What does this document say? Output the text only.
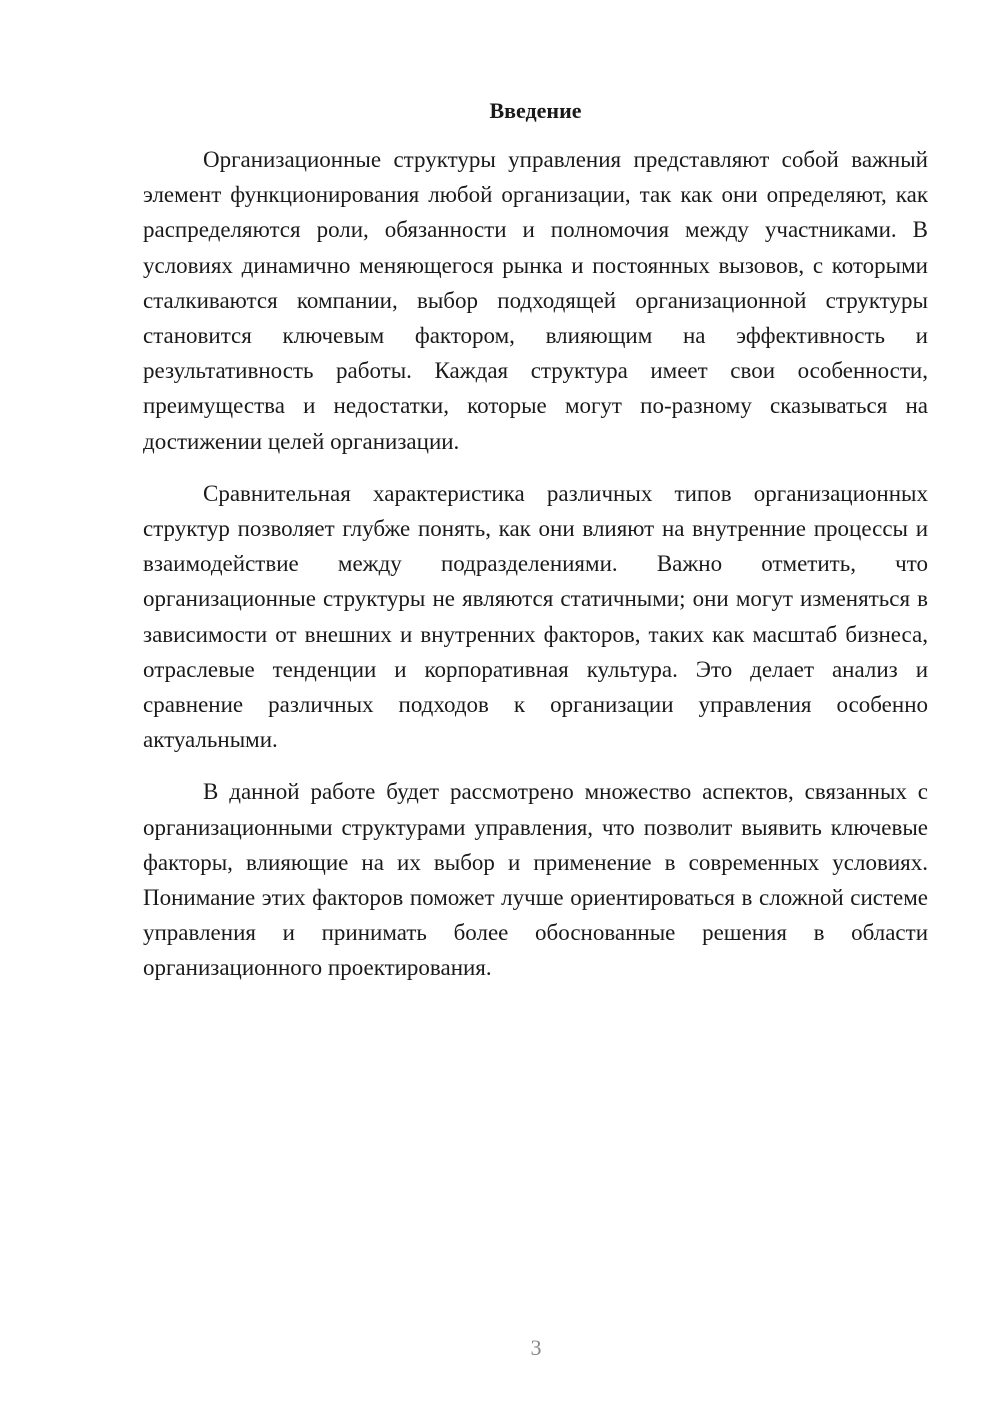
Введение

Организационные структуры управления представляют собой важный элемент функционирования любой организации, так как они определяют, как распределяются роли, обязанности и полномочия между участниками. В условиях динамично меняющегося рынка и постоянных вызовов, с которыми сталкиваются компании, выбор подходящей организационной структуры становится ключевым фактором, влияющим на эффективность и результативность работы. Каждая структура имеет свои особенности, преимущества и недостатки, которые могут по-разному сказываться на достижении целей организации.

Сравнительная характеристика различных типов организационных структур позволяет глубже понять, как они влияют на внутренние процессы и взаимодействие между подразделениями. Важно отметить, что организационные структуры не являются статичными; они могут изменяться в зависимости от внешних и внутренних факторов, таких как масштаб бизнеса, отраслевые тенденции и корпоративная культура. Это делает анализ и сравнение различных подходов к организации управления особенно актуальными.

В данной работе будет рассмотрено множество аспектов, связанных с организационными структурами управления, что позволит выявить ключевые факторы, влияющие на их выбор и применение в современных условиях. Понимание этих факторов поможет лучше ориентироваться в сложной системе управления и принимать более обоснованные решения в области организационного проектирования.

3
